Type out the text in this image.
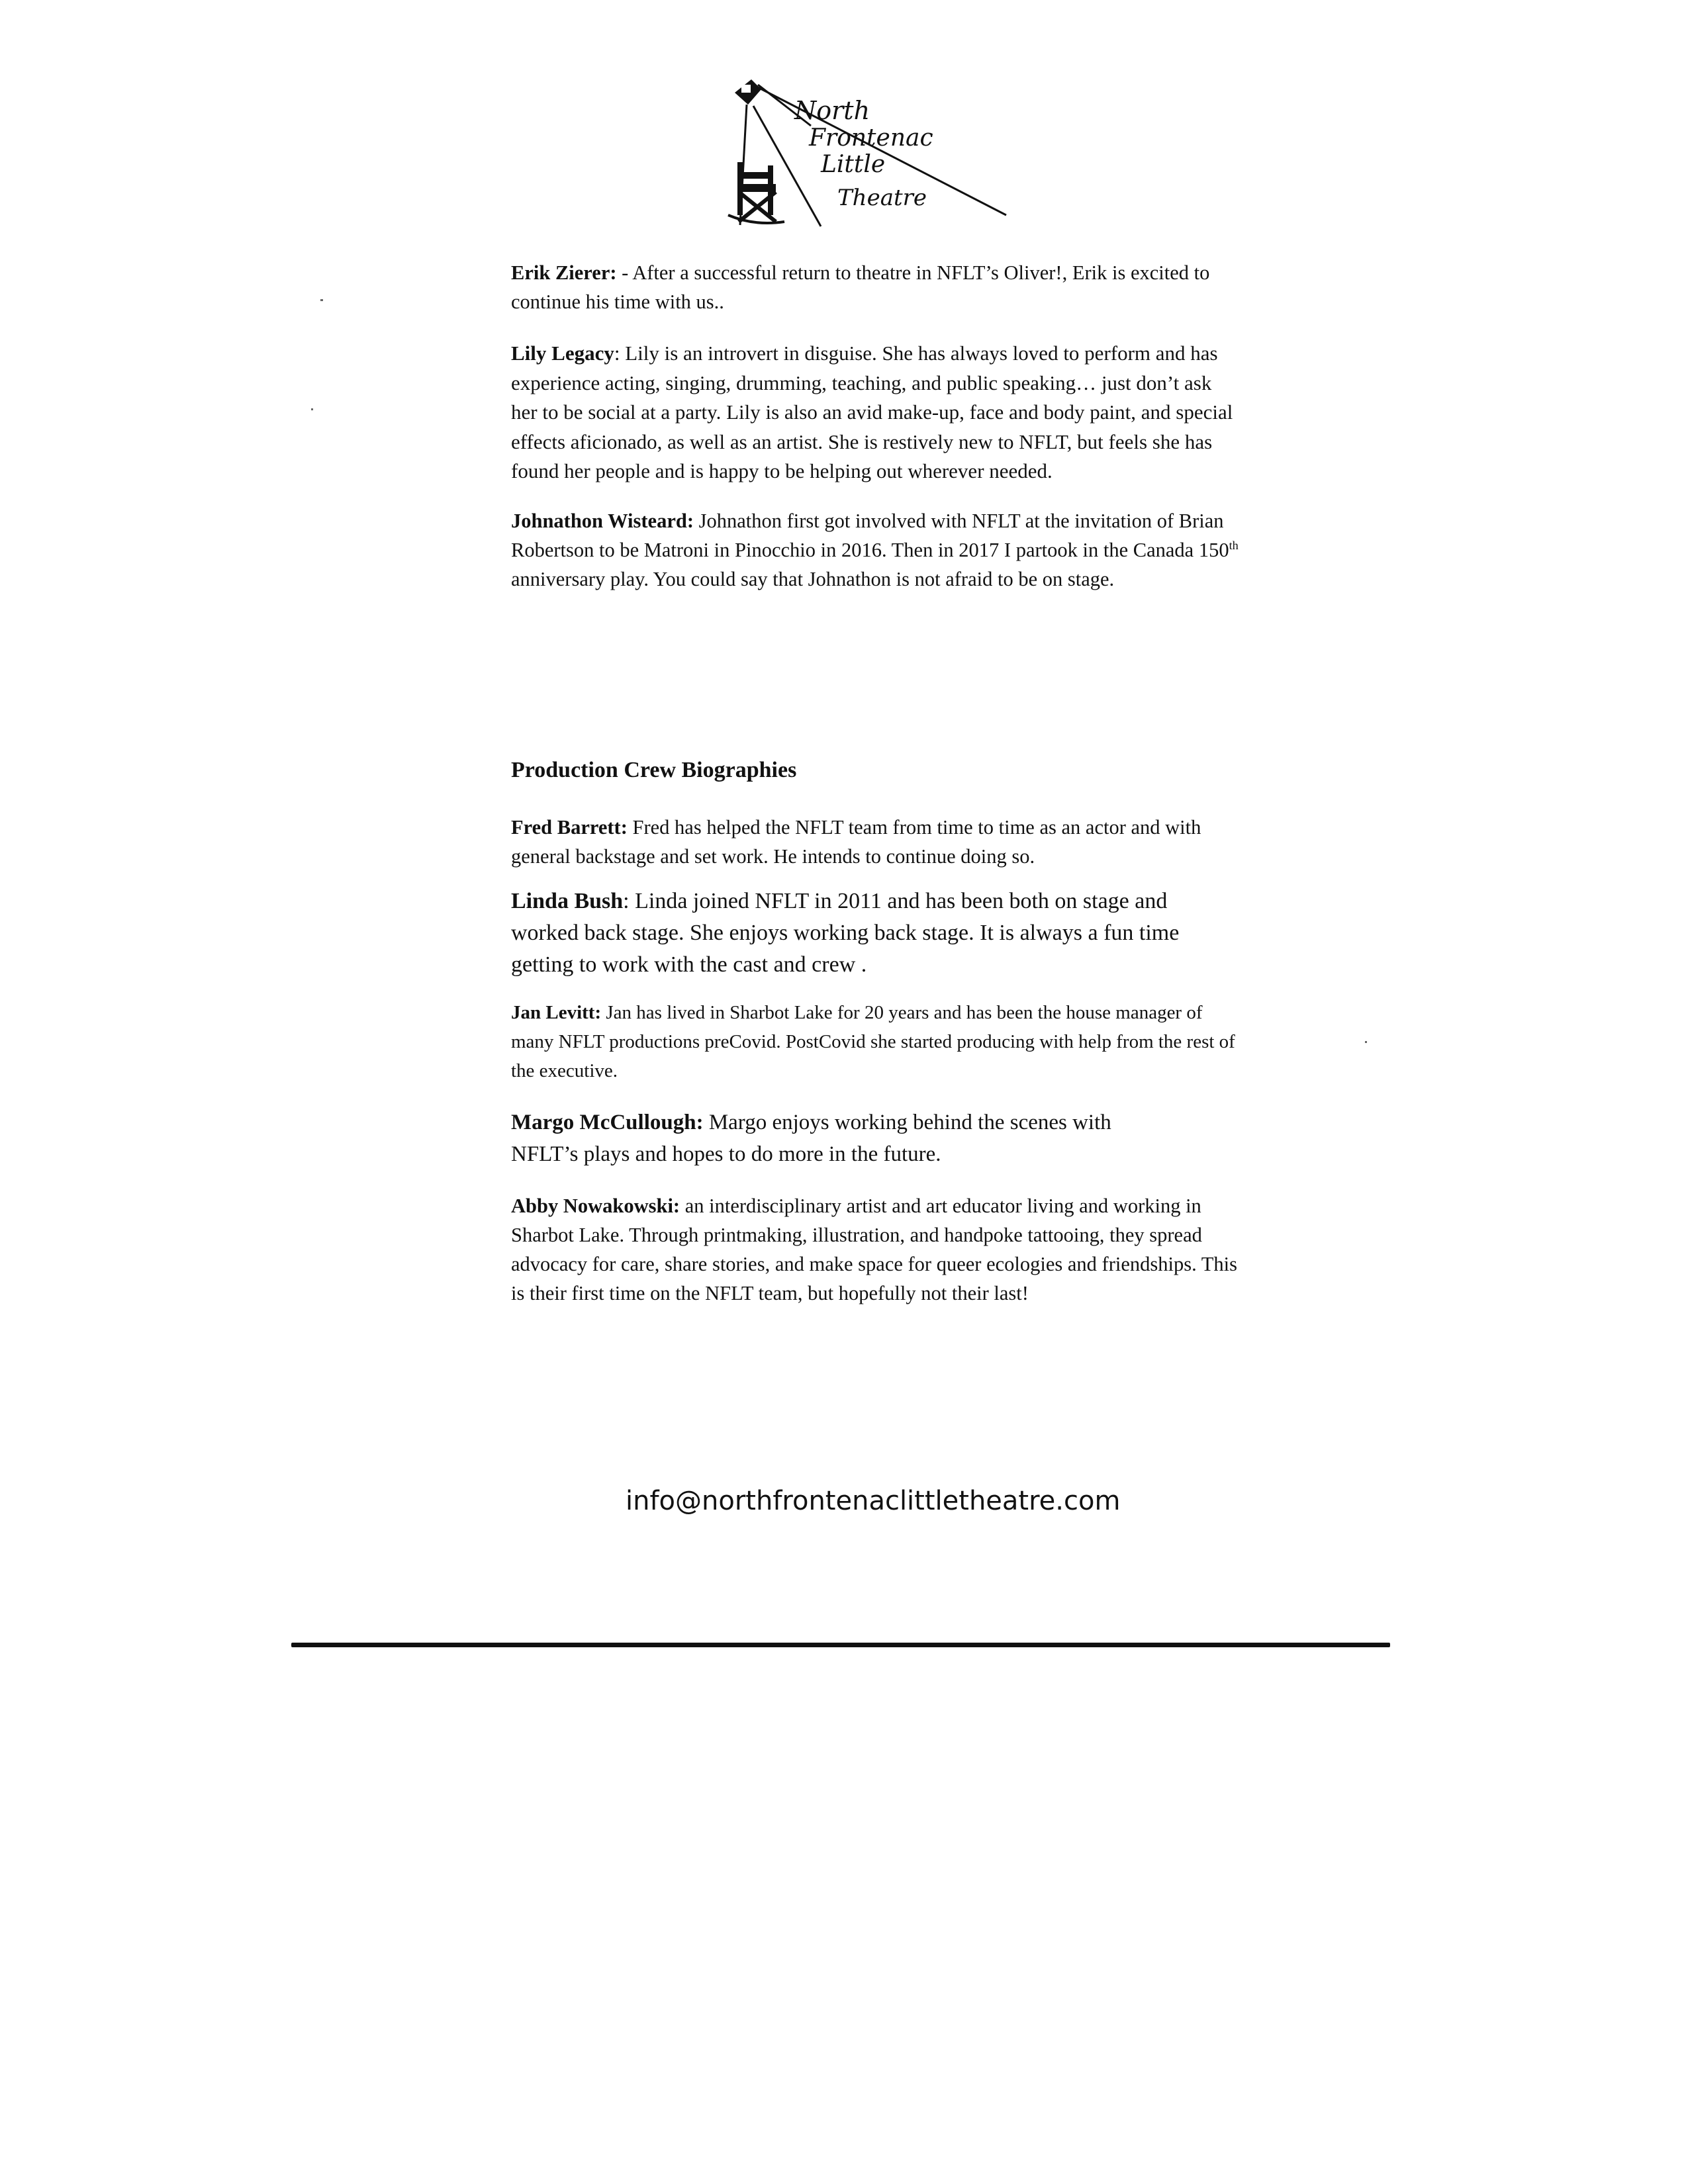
North
Frontenac
Little
Theatre

Erik Zierer: - After a successful return to theatre in NFLT’s Oliver!, Erik is excited to continue his time with us..

Lily Legacy: Lily is an introvert in disguise. She has always loved to perform and has experience acting, singing, drumming, teaching, and public speaking… just don’t ask her to be social at a party. Lily is also an avid make-up, face and body paint, and special effects aficionado, as well as an artist. She is restively new to NFLT, but feels she has found her people and is happy to be helping out wherever needed.

Johnathon Wisteard: Johnathon first got involved with NFLT at the invitation of Brian Robertson to be Matroni in Pinocchio in 2016. Then in 2017 I partook in the Canada 150th anniversary play. You could say that Johnathon is not afraid to be on stage.

Production Crew Biographies

Fred Barrett: Fred has helped the NFLT team from time to time as an actor and with general backstage and set work. He intends to continue doing so.

Linda Bush: Linda joined NFLT in 2011 and has been both on stage and worked back stage. She enjoys working back stage. It is always a fun time getting to work with the cast and crew .

Jan Levitt: Jan has lived in Sharbot Lake for 20 years and has been the house manager of many NFLT productions preCovid. PostCovid she started producing with help from the rest of the executive.

Margo McCullough: Margo enjoys working behind the scenes with NFLT’s plays and hopes to do more in the future.

Abby Nowakowski: an interdisciplinary artist and art educator living and working in Sharbot Lake. Through printmaking, illustration, and handpoke tattooing, they spread advocacy for care, share stories, and make space for queer ecologies and friendships. This is their first time on the NFLT team, but hopefully not their last!

info@northfrontenaclittletheatre.com
